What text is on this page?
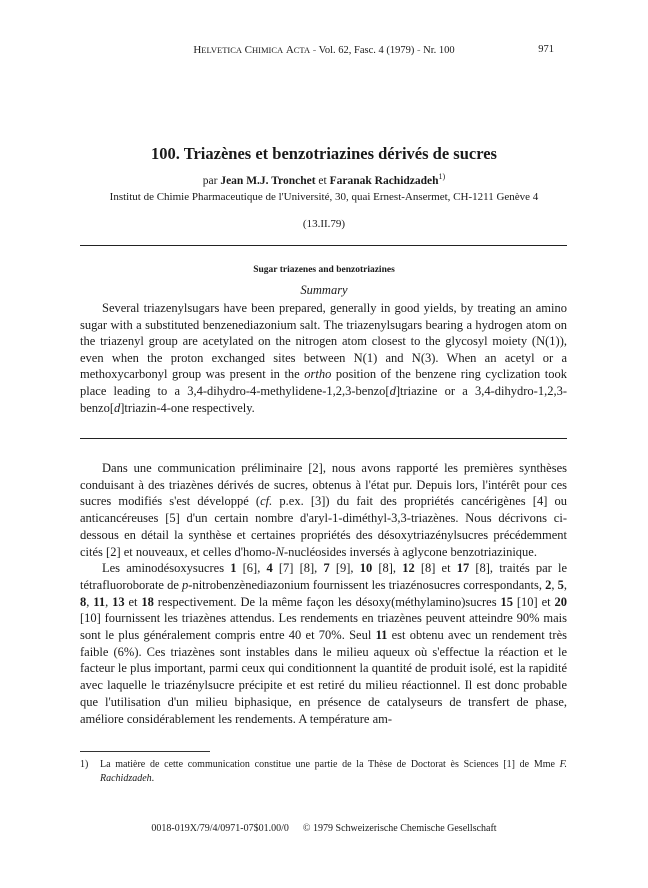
HELVETICA CHIMICA ACTA - Vol. 62, Fasc. 4 (1979) - Nr. 100	971
100. Triazènes et benzotriazines dérivés de sucres
par Jean M.J. Tronchet et Faranak Rachidzadeh$^{1)}$
Institut de Chimie Pharmaceutique de l'Université, 30, quai Ernest-Ansermet, CH-1211 Genève 4
(13.II.79)
Sugar triazenes and benzotriazines
Summary

Several triazenylsugars have been prepared, generally in good yields, by treating an amino sugar with a substituted benzenediazonium salt. The triazenylsugars bearing a hydrogen atom on the triazenyl group are acetylated on the nitrogen atom closest to the glycosyl moiety (N(1)), even when the proton exchanged sites between N(1) and N(3). When an acetyl or a methoxycarbonyl group was present in the ortho position of the benzene ring cyclization took place leading to a 3,4-dihydro-4-methylidene-1,2,3-benzo[d]triazine or a 3,4-dihydro-1,2,3-benzo[d]triazin-4-one respectively.

Dans une communication préliminaire [2], nous avons rapporté les premières synthèses conduisant à des triazènes dérivés de sucres, obtenus à l'état pur. Depuis lors, l'intérêt pour ces sucres modifiés s'est développé (cf. p.ex. [3]) du fait des propriétés cancérigènes [4] ou anticancéreuses [5] d'un certain nombre d'aryl-1-diméthyl-3,3-triazènes. Nous décrivons ci-dessous en détail la synthèse et certaines propriétés des désoxytriazénylsucres précédemment cités [2] et nouveaux, et celles d'homo-N-nucléosides inversés à aglycone benzotriazinique.

Les aminodésoxysucres 1 [6], 4 [7] [8], 7 [9], 10 [8], 12 [8] et 17 [8], traités par le tétrafluoroborate de p-nitrobenzènediazonium fournissent les triazénosucres correspondants, 2, 5, 8, 11, 13 et 18 respectivement. De la même façon les désoxy(méthylamino)sucres 15 [10] et 20 [10] fournissent les triazènes attendus. Les rendements en triazènes peuvent atteindre 90% mais sont le plus généralement compris entre 40 et 70%. Seul 11 est obtenu avec un rendement très faible (6%). Ces triazènes sont instables dans le milieu aqueux où s'effectue la réaction et le facteur le plus important, parmi ceux qui conditionnent la quantité de produit isolé, est la rapidité avec laquelle le triazénylsucre précipite et est retiré du milieu réactionnel. Il est donc probable que l'utilisation d'un milieu biphasique, en présence de catalyseurs de transfert de phase, améliore considérablement les rendements. A température am-

1) La matière de cette communication constitue une partie de la Thèse de Doctorat ès Sciences [1] de Mme F. Rachidzadeh.
0018-019X/79/4/0971-07$01.00/0 © 1979 Schweizerische Chemische Gesellschaft
